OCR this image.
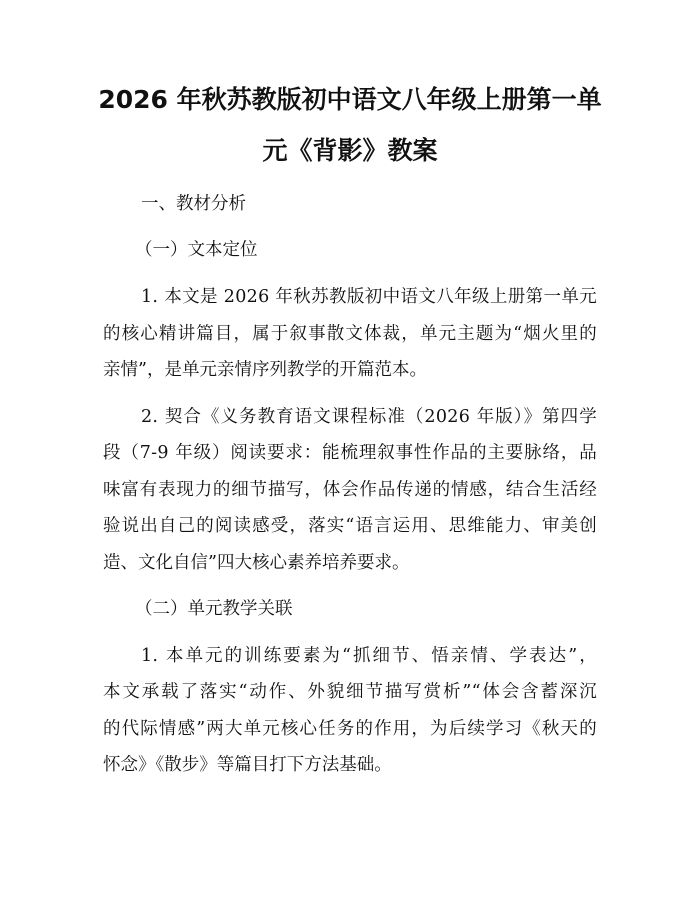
2026 年秋苏教版初中语文八年级上册第一单
元《背影》教案

一、教材分析

（一）文本定位

1. 本文是 2026 年秋苏教版初中语文八年级上册第一单元

的核心精讲篇目，属于叙事散文体裁，单元主题为“烟火里的

亲情”，是单元亲情序列教学的开篇范本。

2. 契合《义务教育语文课程标准（2026 年版）》第四学

段（7-9 年级）阅读要求：能梳理叙事性作品的主要脉络，品

味富有表现力的细节描写，体会作品传递的情感，结合生活经

验说出自己的阅读感受，落实“语言运用、思维能力、审美创

造、文化自信”四大核心素养培养要求。

（二）单元教学关联

1. 本单元的训练要素为“抓细节、悟亲情、学表达”，

本文承载了落实“动作、外貌细节描写赏析”“体会含蓄深沉

的代际情感”两大单元核心任务的作用，为后续学习《秋天的

怀念》《散步》等篇目打下方法基础。
